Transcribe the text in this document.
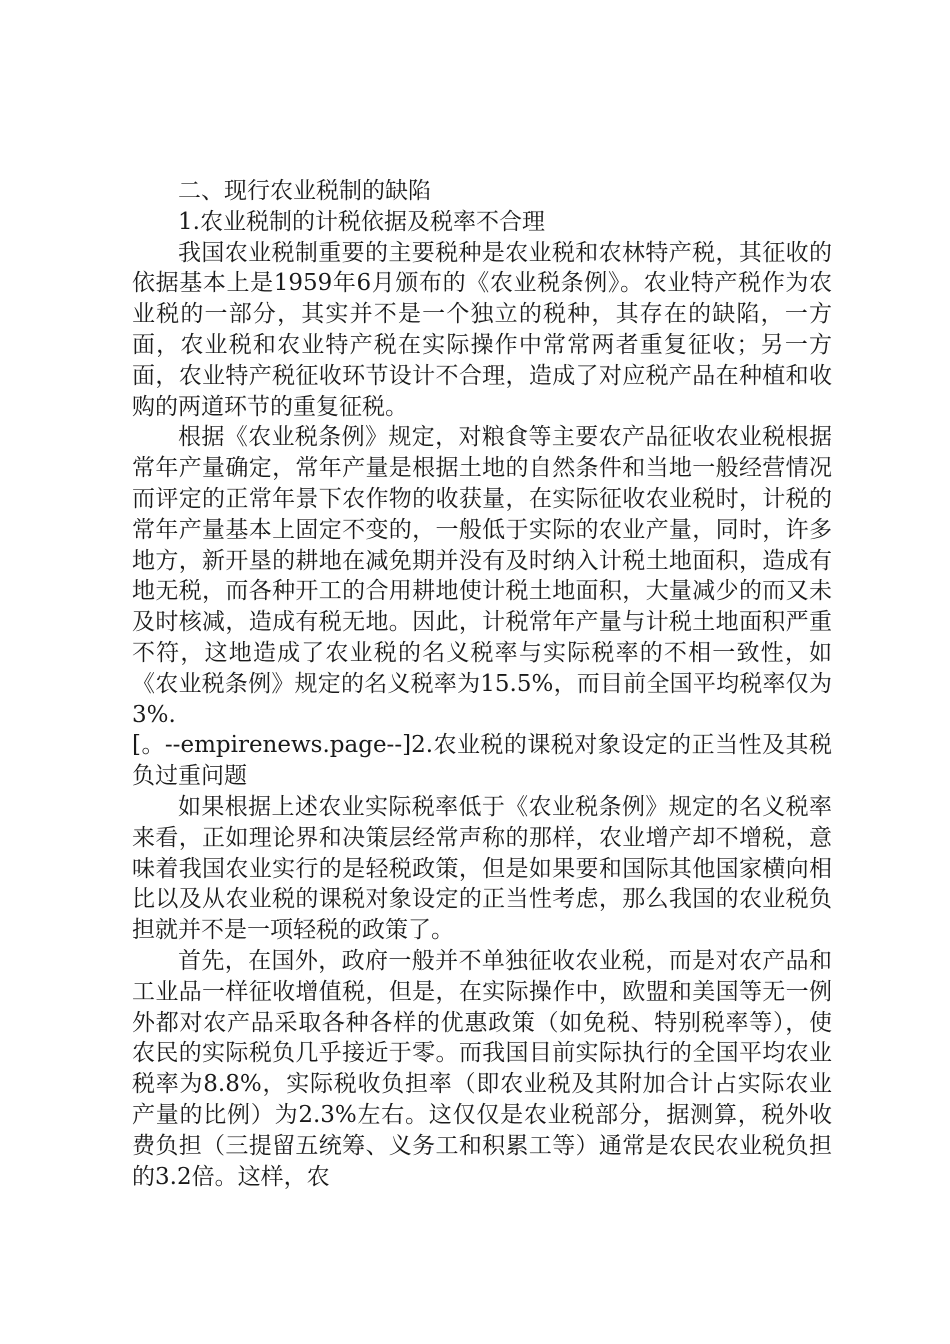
二、现行农业税制的缺陷

1.农业税制的计税依据及税率不合理

我国农业税制重要的主要税种是农业税和农林特产税，其征收的依据基本上是1959年6月颁布的《农业税条例》。农业特产税作为农业税的一部分，其实并不是一个独立的税种，其存在的缺陷，一方面，农业税和农业特产税在实际操作中常常两者重复征收；另一方面，农业特产税征收环节设计不合理，造成了对应税产品在种植和收购的两道环节的重复征税。

根据《农业税条例》规定，对粮食等主要农产品征收农业税根据常年产量确定，常年产量是根据土地的自然条件和当地一般经营情况而评定的正常年景下农作物的收获量，在实际征收农业税时，计税的常年产量基本上固定不变的，一般低于实际的农业产量，同时，许多地方，新开垦的耕地在减免期并没有及时纳入计税土地面积，造成有地无税，而各种开工的合用耕地使计税土地面积，大量减少的而又未及时核减，造成有税无地。因此，计税常年产量与计税土地面积严重不符，这地造成了农业税的名义税率与实际税率的不相一致性，如《农业税条例》规定的名义税率为15.5%，而目前全国平均税率仅为3%.

[。--empirenews.page--]2.农业税的课税对象设定的正当性及其税负过重问题

如果根据上述农业实际税率低于《农业税条例》规定的名义税率来看，正如理论界和决策层经常声称的那样，农业增产却不增税，意味着我国农业实行的是轻税政策，但是如果要和国际其他国家横向相比以及从农业税的课税对象设定的正当性考虑，那么我国的农业税负担就并不是一项轻税的政策了。

首先，在国外，政府一般并不单独征收农业税，而是对农产品和工业品一样征收增值税，但是，在实际操作中，欧盟和美国等无一例外都对农产品采取各种各样的优惠政策（如免税、特别税率等），使农民的实际税负几乎接近于零。而我国目前实际执行的全国平均农业税率为8.8%，实际税收负担率（即农业税及其附加合计占实际农业产量的比例）为2.3%左右。这仅仅是农业税部分，据测算，税外收费负担（三提留五统筹、义务工和积累工等）通常是农民农业税负担的3.2倍。这样，农
